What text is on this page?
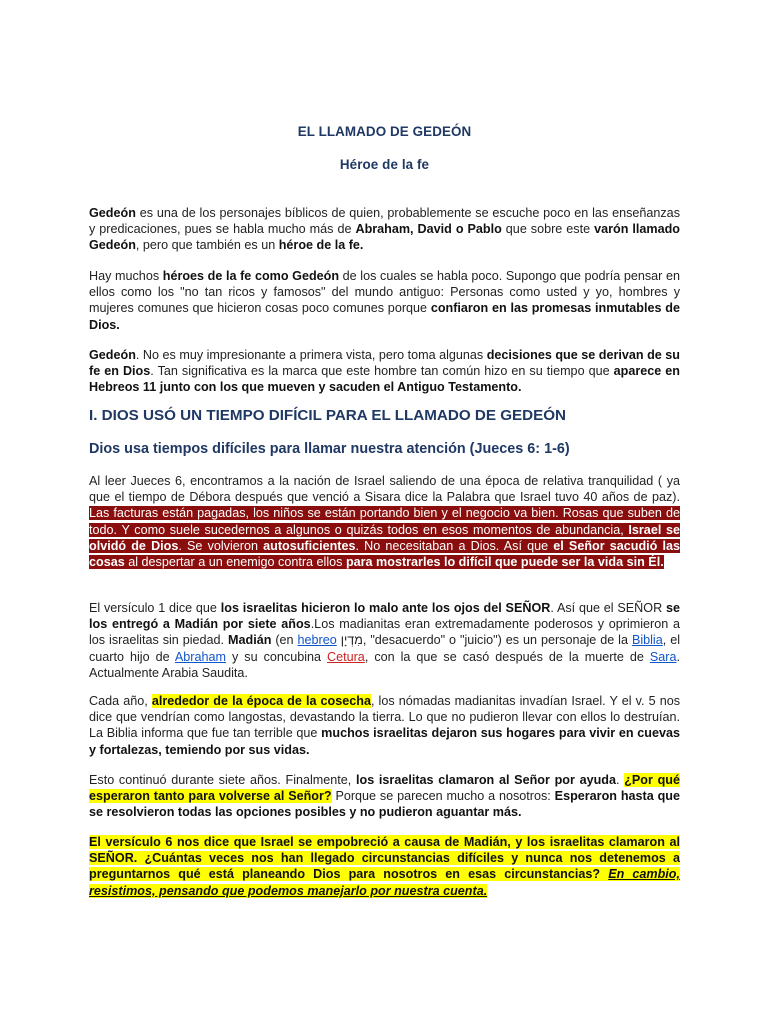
EL LLAMADO DE GEDEÓN
Héroe de la fe

Gedeón es una de los personajes bíblicos de quien, probablemente se escuche poco en las enseñanzas y predicaciones, pues se habla mucho más de Abraham, David o Pablo que sobre este varón llamado Gedeón, pero que también es un héroe de la fe.

Hay muchos héroes de la fe como Gedeón de los cuales se habla poco. Supongo que podría pensar en ellos como los "no tan ricos y famosos" del mundo antiguo: Personas como usted y yo, hombres y mujeres comunes que hicieron cosas poco comunes porque confiaron en las promesas inmutables de Dios.

Gedeón. No es muy impresionante a primera vista, pero toma algunas decisiones que se derivan de su fe en Dios. Tan significativa es la marca que este hombre tan común hizo en su tiempo que aparece en Hebreos 11 junto con los que mueven y sacuden el Antiguo Testamento.

I. DIOS USÓ UN TIEMPO DIFÍCIL PARA EL LLAMADO DE GEDEÓN
Dios usa tiempos difíciles para llamar nuestra atención (Jueces 6: 1-6)

Al leer Jueces 6, encontramos a la nación de Israel saliendo de una época de relativa tranquilidad ( ya que el tiempo de Débora después que venció a Sisara dice la Palabra que Israel tuvo 40 años de paz). Las facturas están pagadas, los niños se están portando bien y el negocio va bien. Rosas que suben de todo. Y como suele sucedernos a algunos o quizás todos en esos momentos de abundancia, Israel se olvidó de Dios. Se volvieron autosuficientes. No necesitaban a Dios. Así que el Señor sacudió las cosas al despertar a un enemigo contra ellos para mostrarles lo difícil que puede ser la vida sin Él.

El versículo 1 dice que los israelitas hicieron lo malo ante los ojos del SEÑOR. Así que el SEÑOR se los entregó a Madián por siete años.Los madianitas eran extremadamente poderosos y oprimieron a los israelitas sin piedad. Madián (en hebreo מִדְיָן, "desacuerdo" o "juicio") es un personaje de la Biblia, el cuarto hijo de Abraham y su concubina Cetura, con la que se casó después de la muerte de Sara. Actualmente Arabia Saudita.

Cada año, alrededor de la época de la cosecha, los nómadas madianitas invadían Israel. Y el v. 5 nos dice que vendrían como langostas, devastando la tierra. Lo que no pudieron llevar con ellos lo destruían. La Biblia informa que fue tan terrible que muchos israelitas dejaron sus hogares para vivir en cuevas y fortalezas, temiendo por sus vidas.

Esto continuó durante siete años. Finalmente, los israelitas clamaron al Señor por ayuda. ¿Por qué esperaron tanto para volverse al Señor? Porque se parecen mucho a nosotros: Esperaron hasta que se resolvieron todas las opciones posibles y no pudieron aguantar más.

El versículo 6 nos dice que Israel se empobreció a causa de Madián, y los israelitas clamaron al SEÑOR. ¿Cuántas veces nos han llegado circunstancias difíciles y nunca nos detenemos a preguntarnos qué está planeando Dios para nosotros en esas circunstancias? En cambio, resistimos, pensando que podemos manejarlo por nuestra cuenta.
